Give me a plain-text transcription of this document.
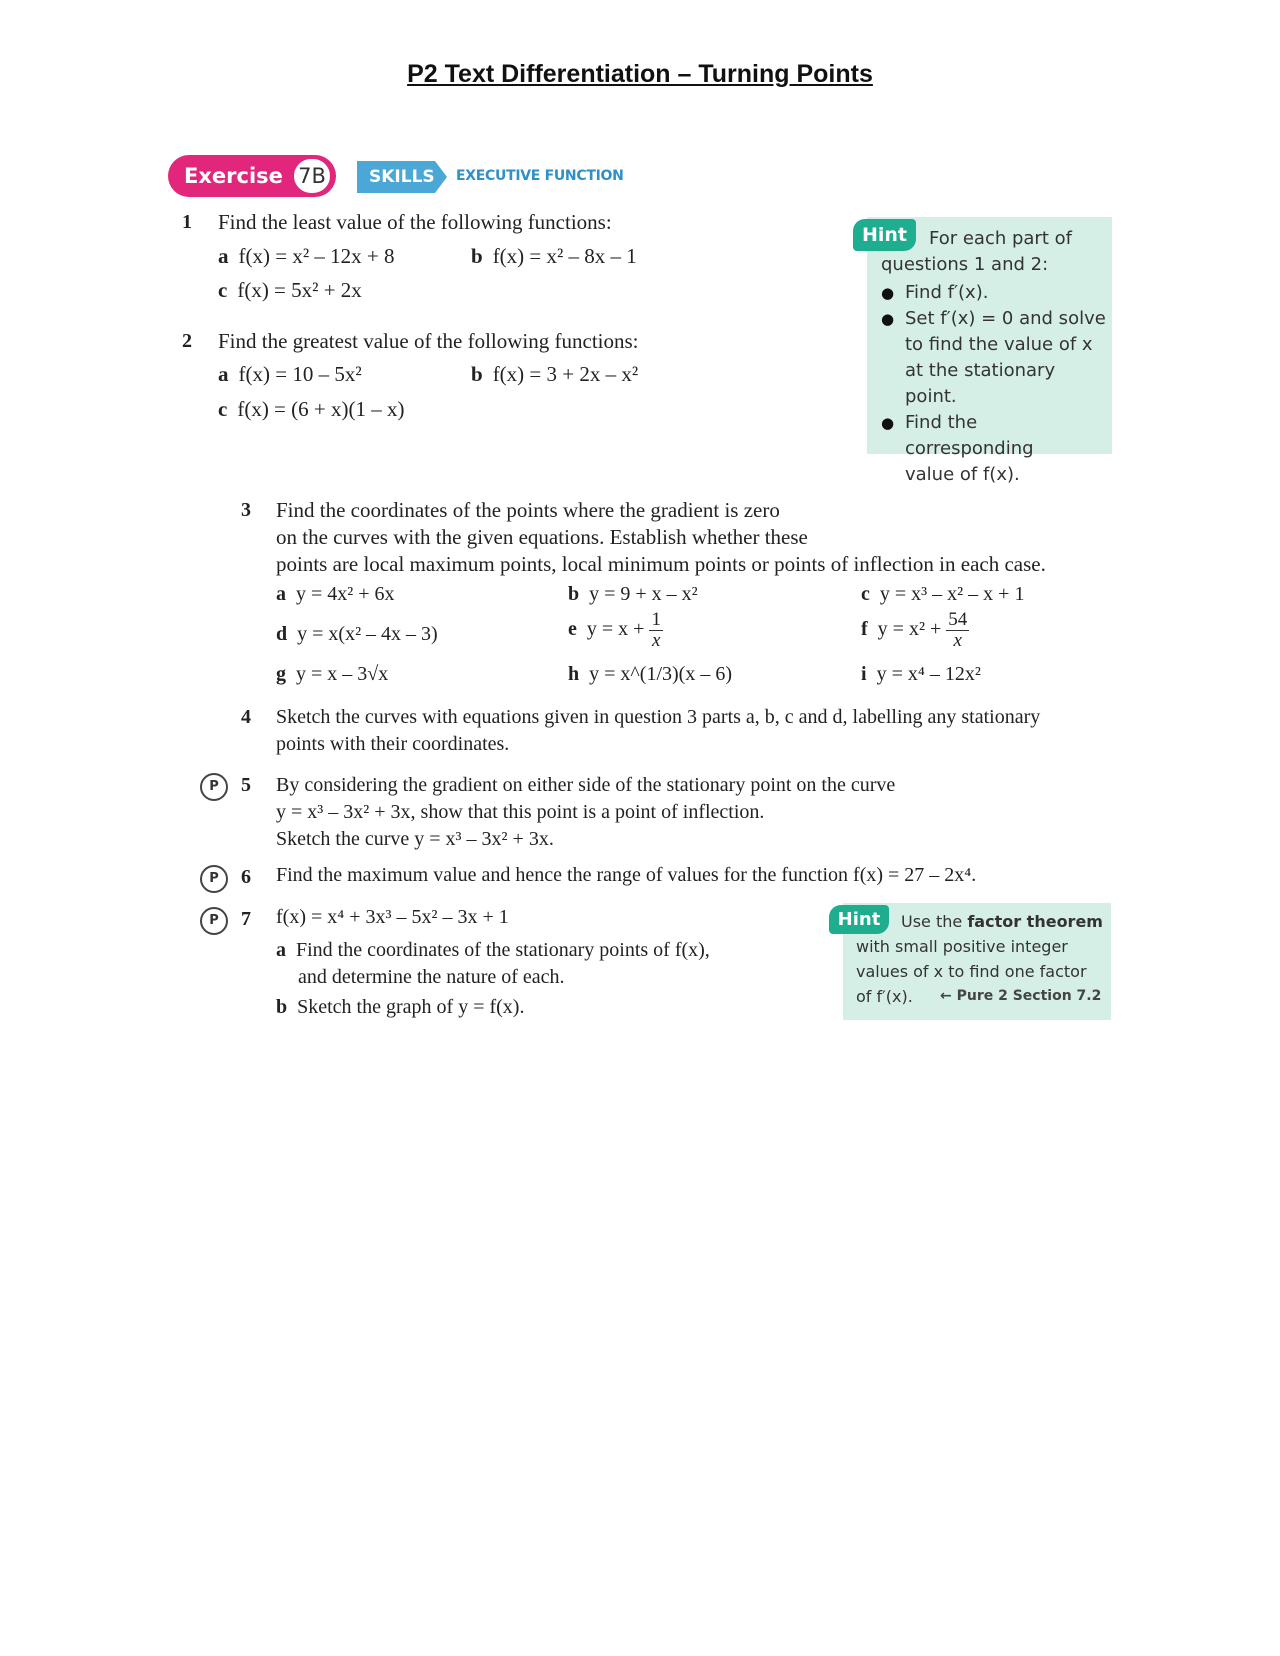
P2 Text Differentiation – Turning Points
Exercise 7B	SKILLS EXECUTIVE FUNCTION
1 Find the least value of the following functions:
a f(x) = x² – 12x + 8	b f(x) = x² – 8x – 1
c f(x) = 5x² + 2x
2 Find the greatest value of the following functions:
a f(x) = 10 – 5x²	b f(x) = 3 + 2x – x²
c f(x) = (6 + x)(1 – x)
Hint	For each part of
questions 1 and 2:
● Find f′(x).
● Set f′(x) = 0 and solve
to find the value of x
at the stationary point.
● Find the corresponding
value of f(x).
3 Find the coordinates of the points where the gradient is zero
on the curves with the given equations. Establish whether these
points are local maximum points, local minimum points or points of inflection in each case.
a y = 4x² + 6x	b y = 9 + x – x²	c y = x³ – x² – x + 1
d y = x(x² – 4x – 3)	e $y = x + \frac{1}{x}$	f $y = x^2 + \frac{54}{x}$
g y = x – 3√x	h y = x^(1/3)(x – 6)	i y = x⁴ – 12x²
4 Sketch the curves with equations given in question 3 parts a, b, c and d, labelling any stationary
points with their coordinates.
P	5 By considering the gradient on either side of the stationary point on the curve
y = x³ – 3x² + 3x, show that this point is a point of inflection.
Sketch the curve y = x³ – 3x² + 3x.
P	6 Find the maximum value and hence the range of values for the function f(x) = 27 – 2x⁴.
P	7 f(x) = x⁴ + 3x³ – 5x² – 3x + 1
a Find the coordinates of the stationary points of f(x),
and determine the nature of each.
b Sketch the graph of y = f(x).
Hint	Use the factor theorem
with small positive integer
values of x to find one factor
of f′(x). ← Pure 2 Section 7.2
